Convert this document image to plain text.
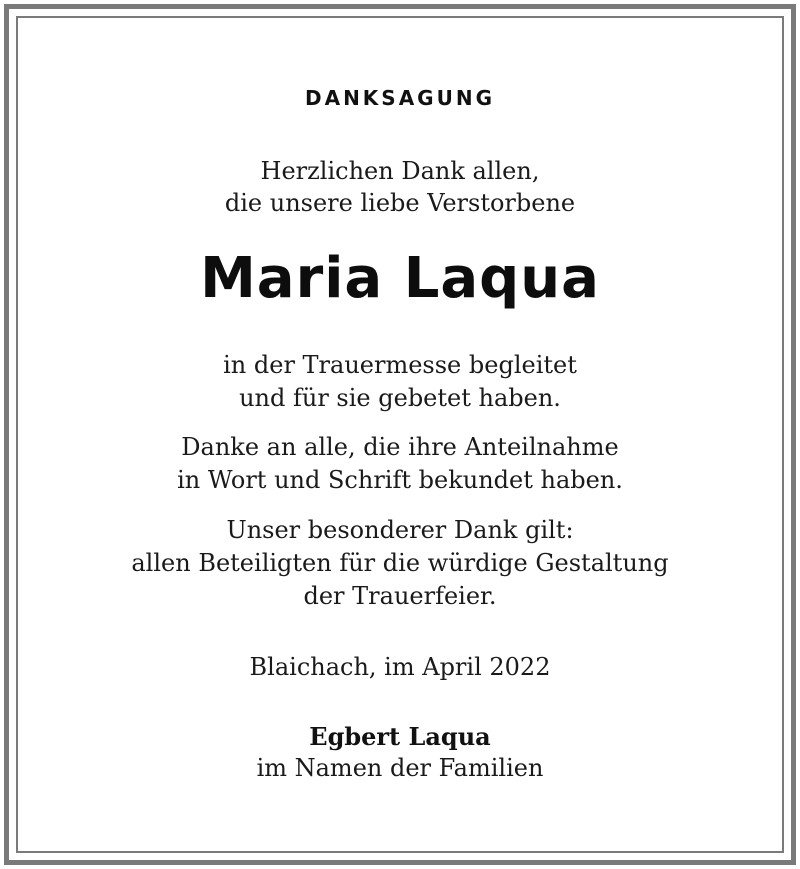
DANKSAGUNG
Herzlichen Dank allen,
die unsere liebe Verstorbene
Maria Laqua
in der Trauermesse begleitet
und für sie gebetet haben.
Danke an alle, die ihre Anteilnahme
in Wort und Schrift bekundet haben.
Unser besonderer Dank gilt:
allen Beteiligten für die würdige Gestaltung
der Trauerfeier.
Blaichach, im April 2022
Egbert Laqua
im Namen der Familien
